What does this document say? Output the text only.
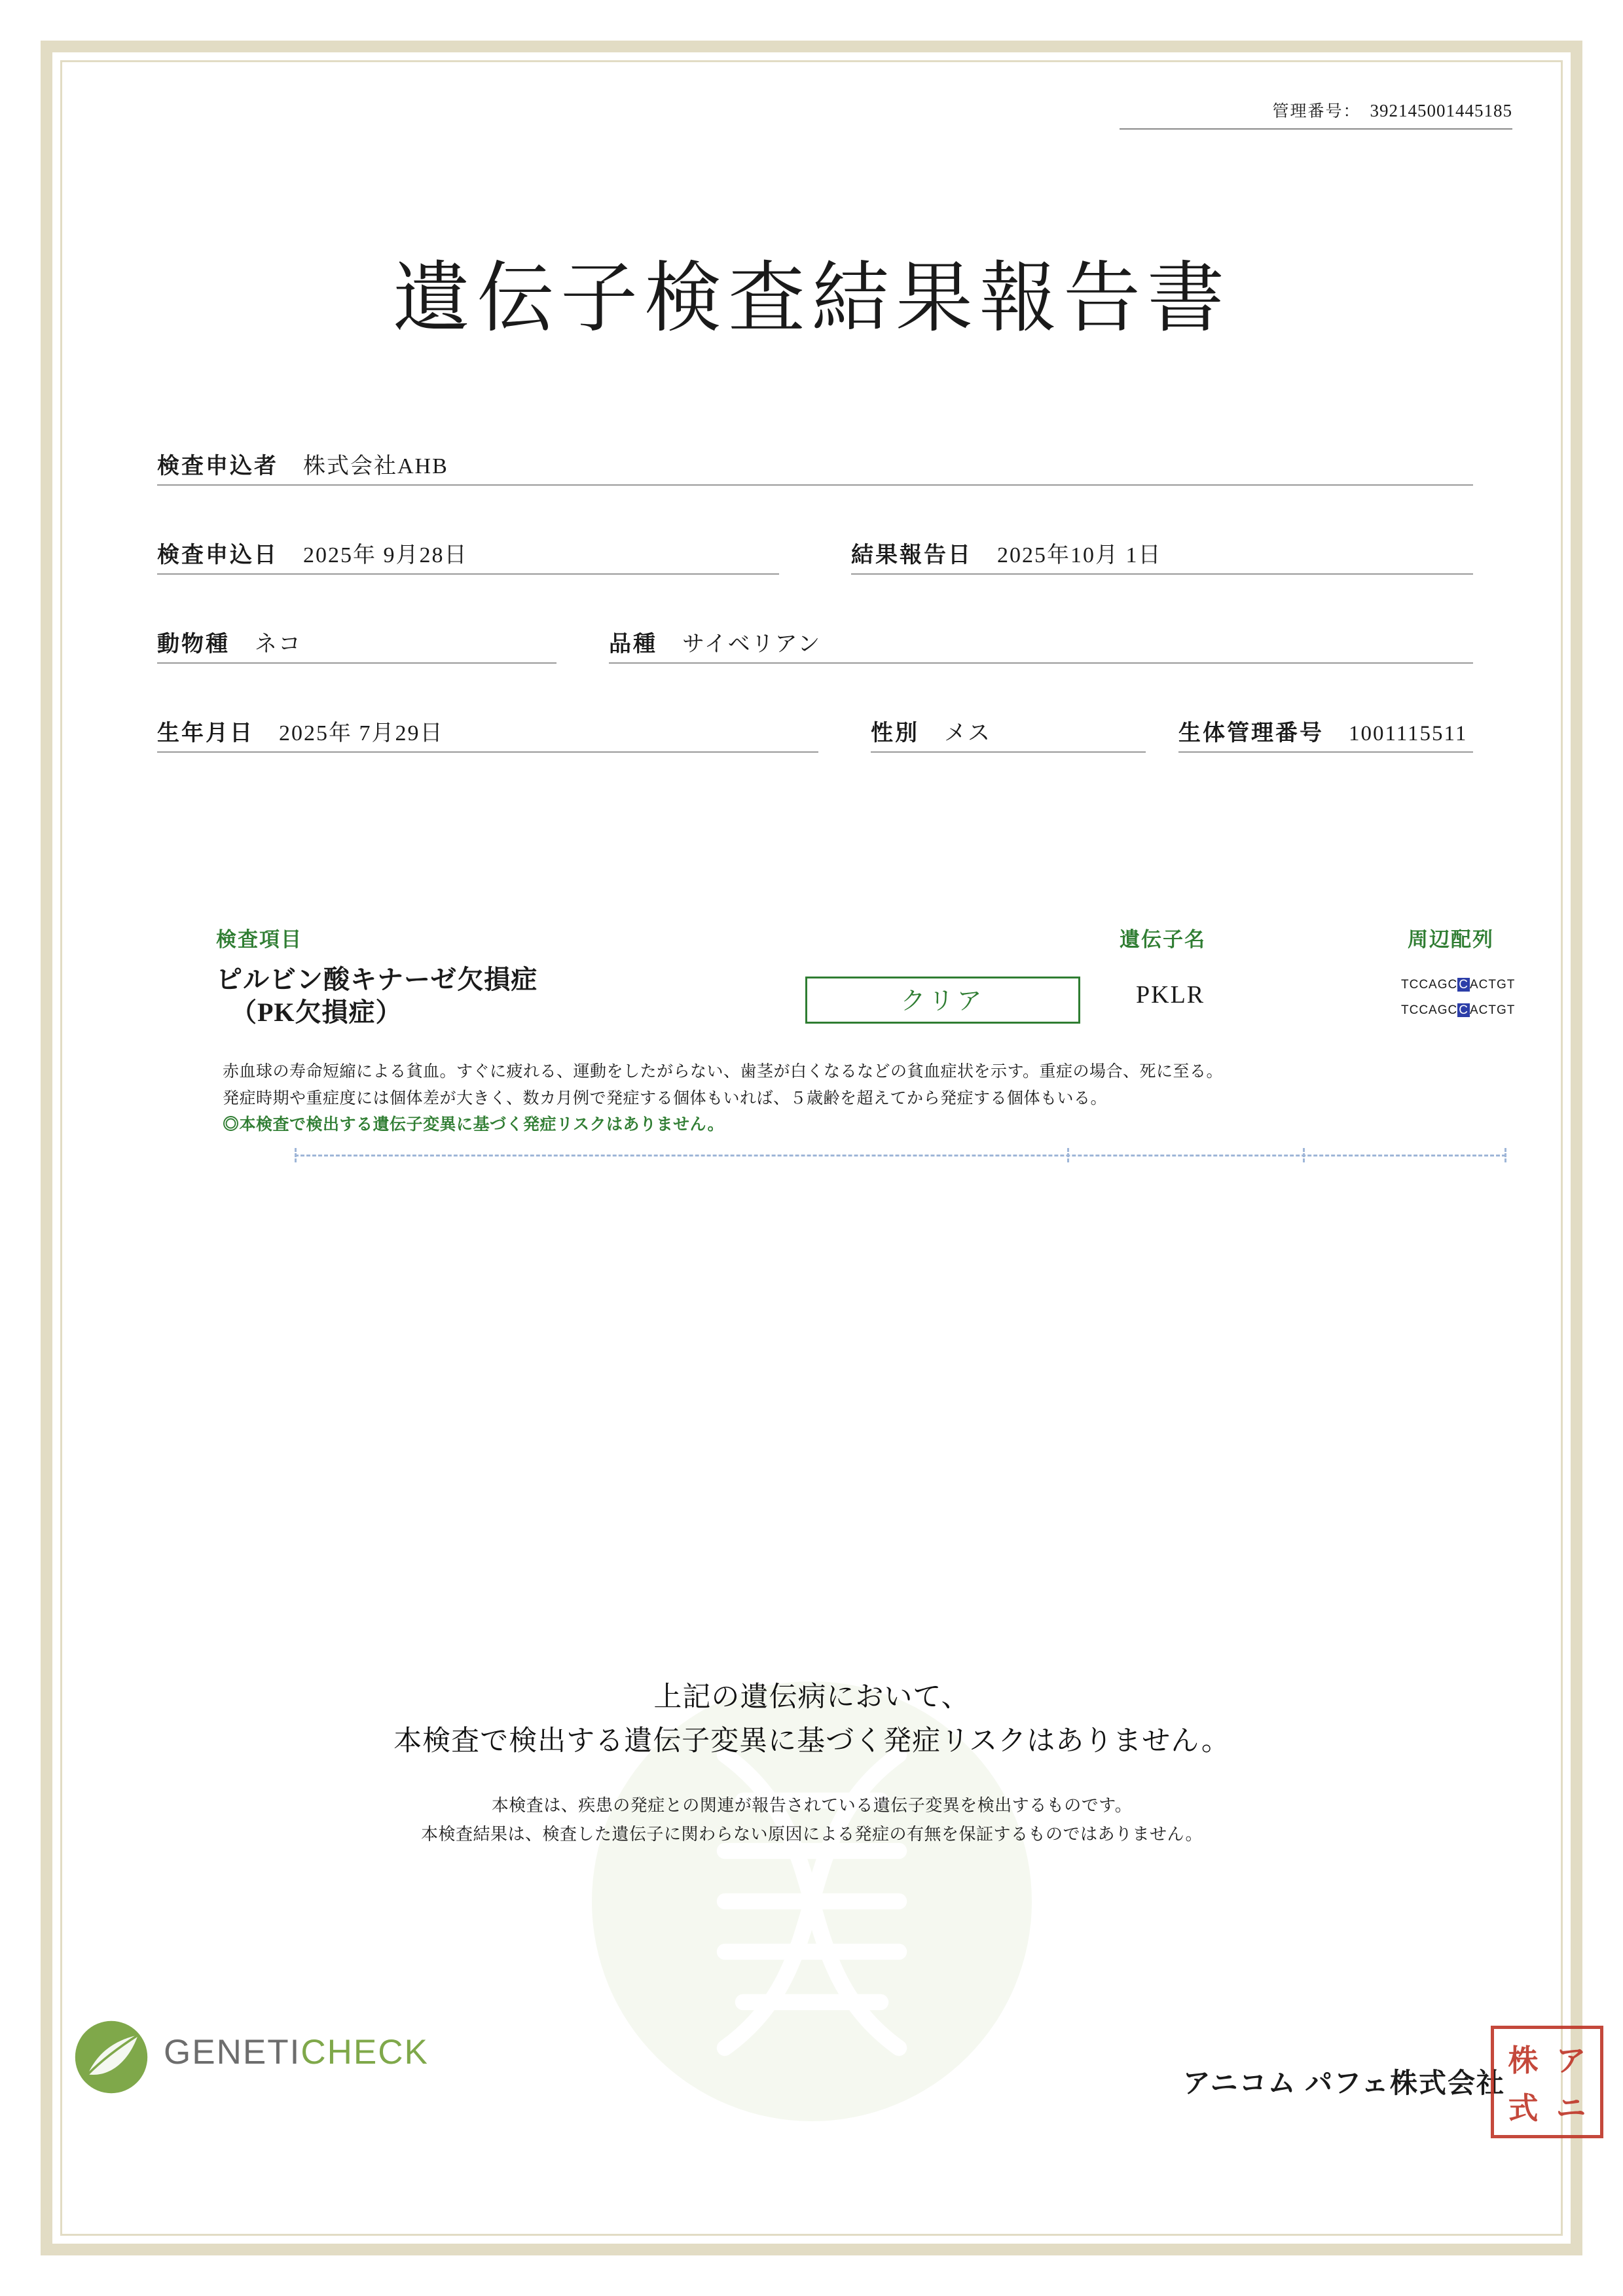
管理番号： 392145001445185
遺伝子検査結果報告書
検査申込者 株式会社AHB
検査申込日 2025年 9月28日	結果報告日 2025年10月 1日
動物種 ネコ	品種 サイベリアン
生年月日 2025年 7月29日	性別 メス	生体管理番号 1001115511
検査項目	遺伝子名	周辺配列
ピルビン酸キナーゼ欠損症
（PK欠損症）	クリア	PKLR	TCCAGC C ACTGT
TCCAGC C ACTGT
赤血球の寿命短縮による貧血。すぐに疲れる、運動をしたがらない、歯茎が白くなるなどの貧血症状を示す。重症の場合、死に至る。
発症時期や重症度には個体差が大きく、数カ月例で発症する個体もいれば、５歳齢を超えてから発症する個体もいる。
◎本検査で検出する遺伝子変異に基づく発症リスクはありません。
上記の遺伝病において、
本検査で検出する遺伝子変異に基づく発症リスクはありません。
本検査は、疾患の発症との関連が報告されている遺伝子変異を検出するものです。
本検査結果は、検査した遺伝子に関わらない原因による発症の有無を保証するものではありません。
GENETICHECK
アニコム パフェ株式会社
株 ア
式 ニ
